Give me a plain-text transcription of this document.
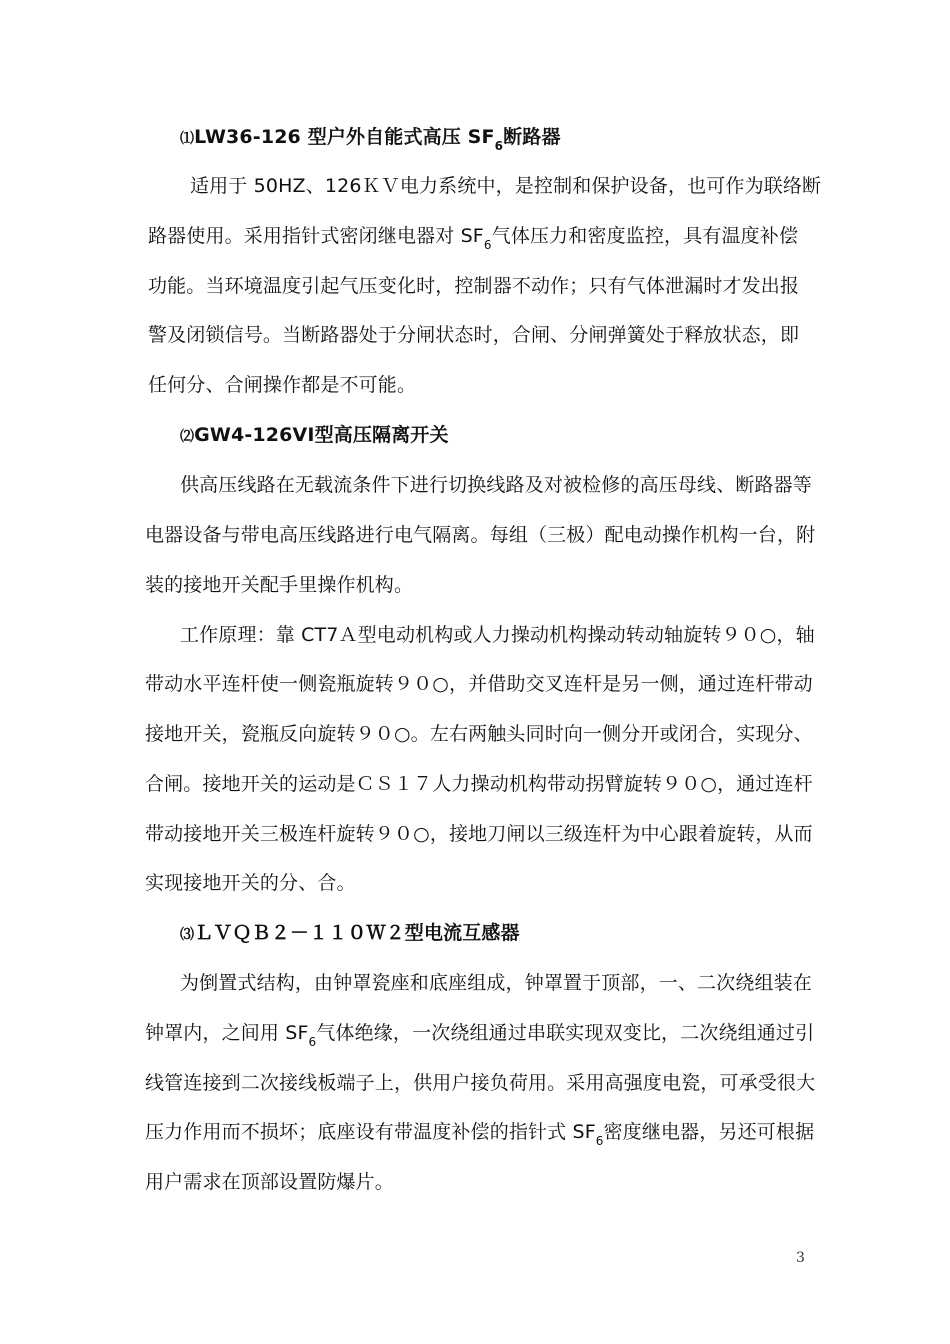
⑴LW36-126 型户外自能式高压 $SF_6$断路器
适用于 50HZ、126ＫＶ电力系统中，是控制和保护设备，也可作为联络断
路器使用。采用指针式密闭继电器对 $SF_6$气体压力和密度监控，具有温度补偿
功能。当环境温度引起气压变化时，控制器不动作；只有气体泄漏时才发出报
警及闭锁信号。当断路器处于分闸状态时，合闸、分闸弹簧处于释放状态，即
任何分、合闸操作都是不可能。
⑵GW4-126VⅠ型高压隔离开关
供高压线路在无载流条件下进行切换线路及对被检修的高压母线、断路器等
电器设备与带电高压线路进行电气隔离。每组（三极）配电动操作机构一台，附
装的接地开关配手里操作机构。
工作原理：靠 CT7Ａ型电动机构或人力操动机构操动转动轴旋转９０○，轴
带动水平连杆使一侧瓷瓶旋转９０○，并借助交叉连杆是另一侧，通过连杆带动
接地开关，瓷瓶反向旋转９０○。左右两触头同时向一侧分开或闭合，实现分、
合闸。接地开关的运动是ＣＳ１７人力操动机构带动拐臂旋转９０○，通过连杆
带动接地开关三极连杆旋转９０○，接地刀闸以三级连杆为中心跟着旋转，从而
实现接地开关的分、合。
⑶ＬＶＱＢ２－１１０Ｗ２型电流互感器
为倒置式结构，由钟罩瓷座和底座组成，钟罩置于顶部，一、二次绕组装在
钟罩内，之间用 $SF_6$气体绝缘，一次绕组通过串联实现双变比，二次绕组通过引
线管连接到二次接线板端子上，供用户接负荷用。采用高强度电瓷，可承受很大
压力作用而不损坏；底座设有带温度补偿的指针式 $SF_6$密度继电器，另还可根据
用户需求在顶部设置防爆片。
3
